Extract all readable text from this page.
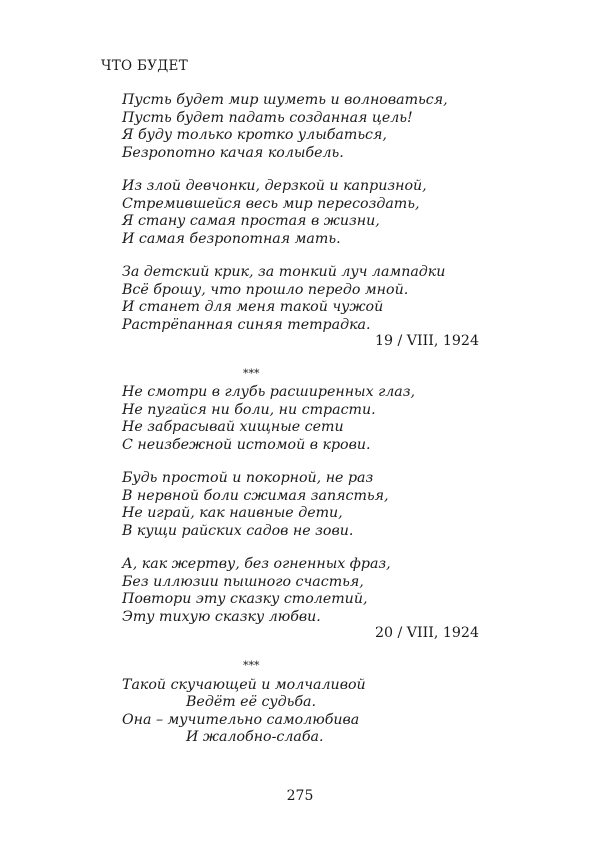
ЧТО БУДЕТ
Пусть будет мир шуметь и волноваться,
Пусть будет падать созданная цель!
Я буду только кротко улыбаться,
Безропотно качая колыбель.
Из злой девчонки, дерзкой и капризной,
Стремившейся весь мир пересоздать,
Я стану самая простая в жизни,
И самая безропотная мать.
За детский крик, за тонкий луч лампадки
Всё брошу, что прошло передо мной.
И станет для меня такой чужой
Растрёпанная синяя тетрадка.
19 / VIII, 1924
***
Не смотри в глубь расширенных глаз,
Не пугайся ни боли, ни страсти.
Не забрасывай хищные сети
С неизбежной истомой в крови.
Будь простой и покорной, не раз
В нервной боли сжимая запястья,
Не играй, как наивные дети,
В кущи райских садов не зови.
А, как жертву, без огненных фраз,
Без иллюзии пышного счастья,
Повтори эту сказку столетий,
Эту тихую сказку любви.
20 / VIII, 1924
***
Такой скучающей и молчаливой
Ведёт её судьба.
Она – мучительно самолюбива
И жалобно-слаба.
275
